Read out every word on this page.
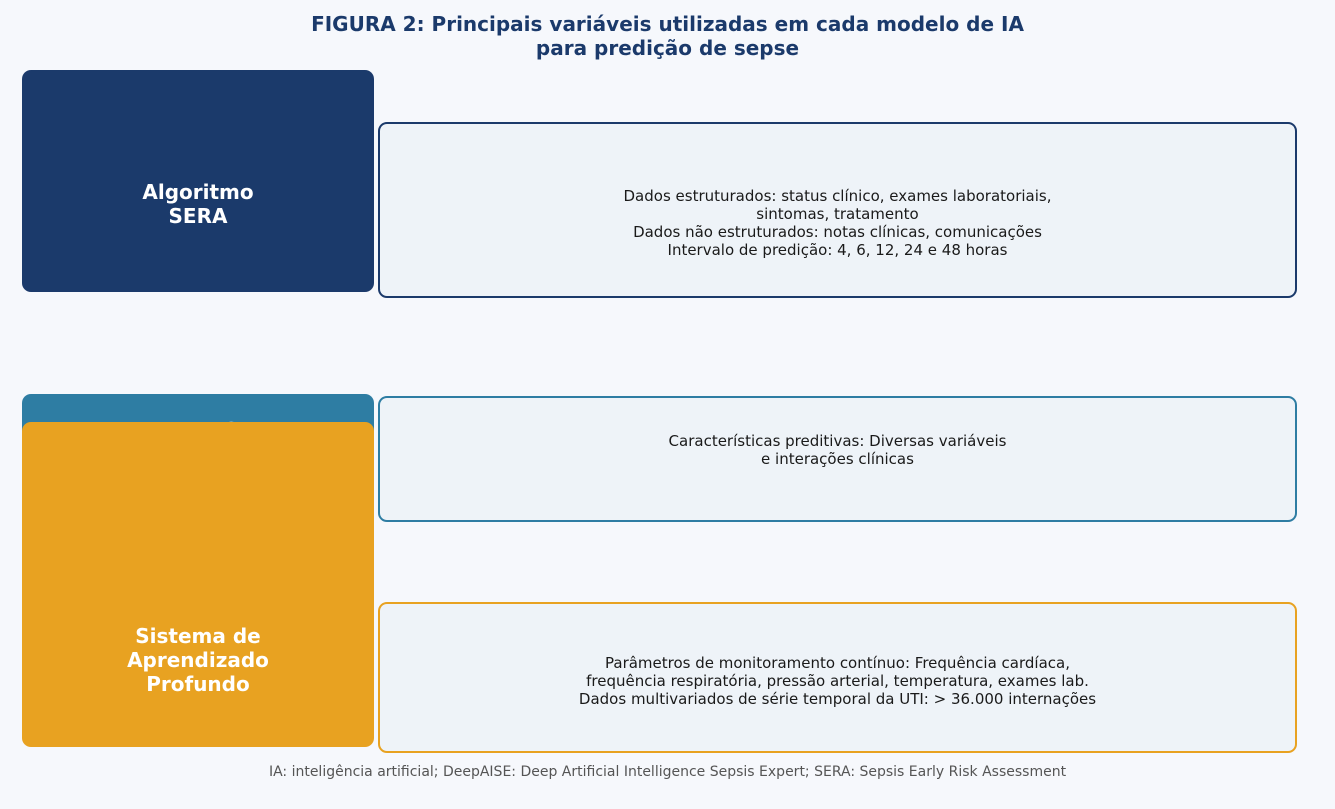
FIGURA 2: Principais variáveis utilizadas em cada modelo de IA
para predição de sepse
Algoritmo
SERA
Dados estruturados: status clínico, exames laboratoriais,
sintomas, tratamento
Dados não estruturados: notas clínicas, comunicações
Intervalo de predição: 4, 6, 12, 24 e 48 horas
Características preditivas: Diversas variáveis
e interações clínicas
Sistema de
Aprendizado
Profundo
Parâmetros de monitoramento contínuo: Frequência cardíaca,
frequência respiratória, pressão arterial, temperatura, exames lab.
Dados multivariados de série temporal da UTI: > 36.000 internações
IA: inteligência artificial; DeepAISE: Deep Artificial Intelligence Sepsis Expert; SERA: Sepsis Early Risk Assessment
